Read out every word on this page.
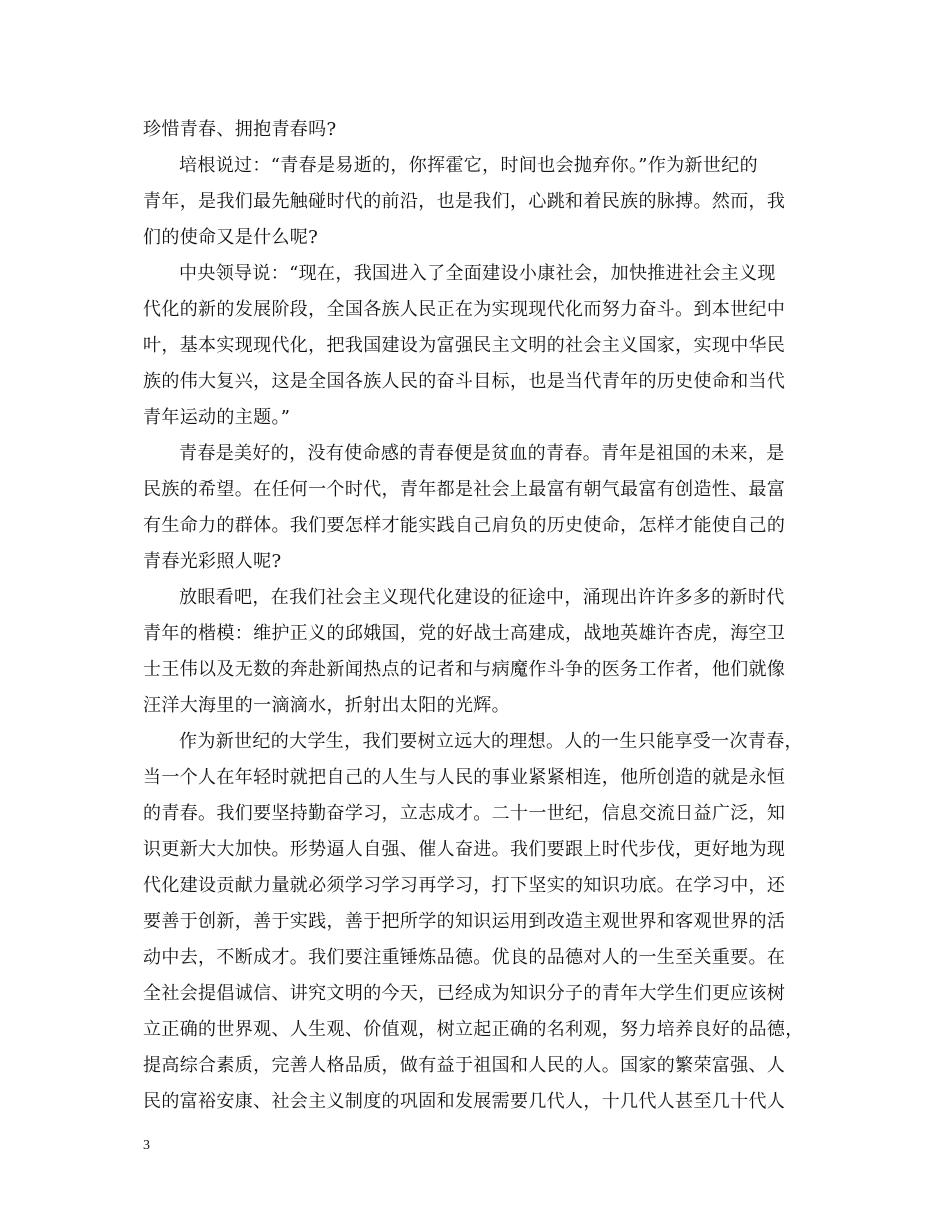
珍惜青春、拥抱青春吗?
培根说过：“青春是易逝的，你挥霍它，时间也会抛弃你。”作为新世纪的
青年，是我们最先触碰时代的前沿，也是我们，心跳和着民族的脉搏。然而，我
们的使命又是什么呢?
中央领导说：“现在，我国进入了全面建设小康社会，加快推进社会主义现
代化的新的发展阶段，全国各族人民正在为实现现代化而努力奋斗。到本世纪中
叶，基本实现现代化，把我国建设为富强民主文明的社会主义国家，实现中华民
族的伟大复兴，这是全国各族人民的奋斗目标，也是当代青年的历史使命和当代
青年运动的主题。”
青春是美好的，没有使命感的青春便是贫血的青春。青年是祖国的未来，是
民族的希望。在任何一个时代，青年都是社会上最富有朝气最富有创造性、最富
有生命力的群体。我们要怎样才能实践自己肩负的历史使命，怎样才能使自己的
青春光彩照人呢?
放眼看吧，在我们社会主义现代化建设的征途中，涌现出许许多多的新时代
青年的楷模：维护正义的邱娥国，党的好战士高建成，战地英雄许杏虎，海空卫
士王伟以及无数的奔赴新闻热点的记者和与病魔作斗争的医务工作者，他们就像
汪洋大海里的一滴滴水，折射出太阳的光辉。
作为新世纪的大学生，我们要树立远大的理想。人的一生只能享受一次青春，
当一个人在年轻时就把自己的人生与人民的事业紧紧相连，他所创造的就是永恒
的青春。我们要坚持勤奋学习，立志成才。二十一世纪，信息交流日益广泛，知
识更新大大加快。形势逼人自强、催人奋进。我们要跟上时代步伐，更好地为现
代化建设贡献力量就必须学习学习再学习，打下坚实的知识功底。在学习中，还
要善于创新，善于实践，善于把所学的知识运用到改造主观世界和客观世界的活
动中去，不断成才。我们要注重锤炼品德。优良的品德对人的一生至关重要。在
全社会提倡诚信、讲究文明的今天，已经成为知识分子的青年大学生们更应该树
立正确的世界观、人生观、价值观，树立起正确的名利观，努力培养良好的品德，
提高综合素质，完善人格品质，做有益于祖国和人民的人。国家的繁荣富强、人
民的富裕安康、社会主义制度的巩固和发展需要几代人，十几代人甚至几十代人
3
